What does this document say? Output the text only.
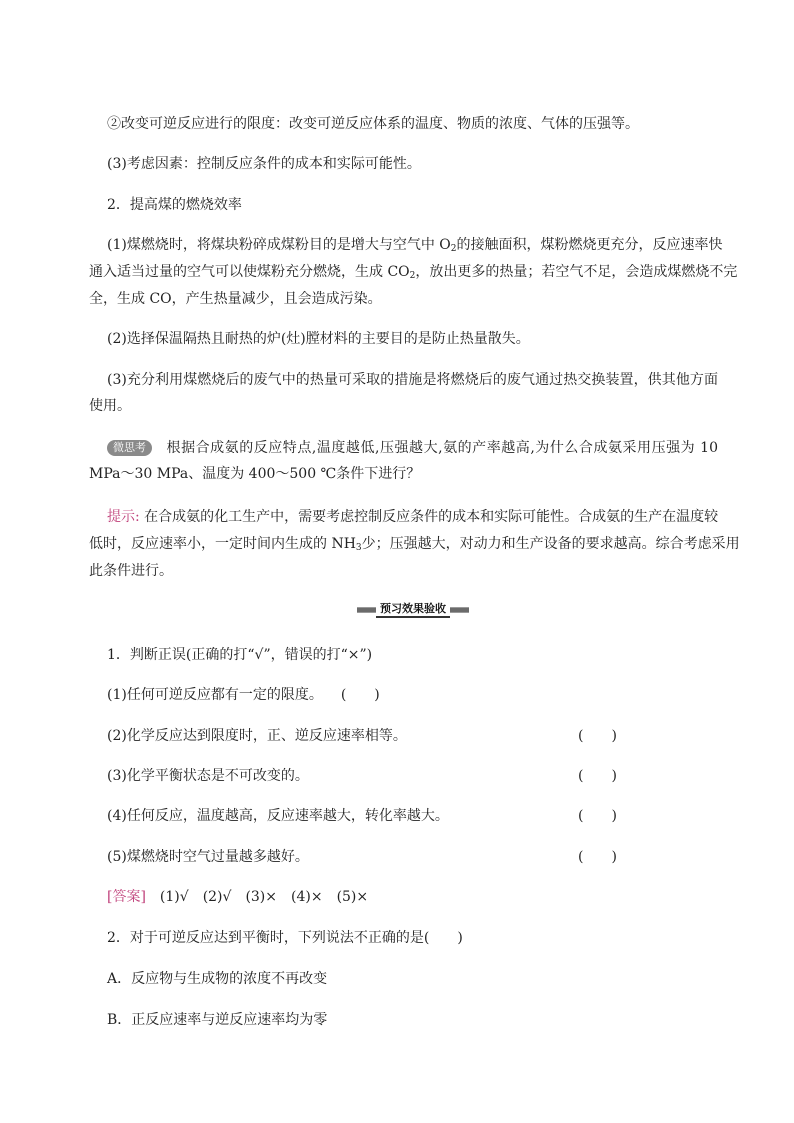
②改变可逆反应进行的限度：改变可逆反应体系的温度、物质的浓度、气体的压强等。
(3)考虑因素：控制反应条件的成本和实际可能性。
2．提高煤的燃烧效率
(1)煤燃烧时，将煤块粉碎成煤粉目的是增大与空气中 $O_2$的接触面积，煤粉燃烧更充分，反应速率快
通入适当过量的空气可以使煤粉充分燃烧，生成 $CO_2$，放出更多的热量；若空气不足，会造成煤燃烧不完
全，生成 CO，产生热量减少，且会造成污染。
(2)选择保温隔热且耐热的炉(灶)膛材料的主要目的是防止热量散失。
(3)充分利用煤燃烧后的废气中的热量可采取的措施是将燃烧后的废气通过热交换装置，供其他方面
使用。
微思考 根据合成氨的反应特点,温度越低,压强越大,氨的产率越高,为什么合成氨采用压强为 10
MPa～30 MPa、温度为 400～500 ℃条件下进行？
提示: 在合成氨的化工生产中，需要考虑控制反应条件的成本和实际可能性。合成氨的生产在温度较
低时，反应速率小，一定时间内生成的 $NH_3$少；压强越大，对动力和生产设备的要求越高。综合考虑采用
此条件进行。
预习效果验收
1．判断正误(正确的打“√”，错误的打“×”)
(1)任何可逆反应都有一定的限度。 (　　)
(2)化学反应达到限度时，正、逆反应速率相等。	(　　)
(3)化学平衡状态是不可改变的。	(　　)
(4)任何反应，温度越高，反应速率越大，转化率越大。	(　　)
(5)煤燃烧时空气过量越多越好。	(　　)
[答案]　(1)√　(2)√　(3)×　(4)×　(5)×
2．对于可逆反应达到平衡时，下列说法不正确的是(　　)
A．反应物与生成物的浓度不再改变
B．正反应速率与逆反应速率均为零
